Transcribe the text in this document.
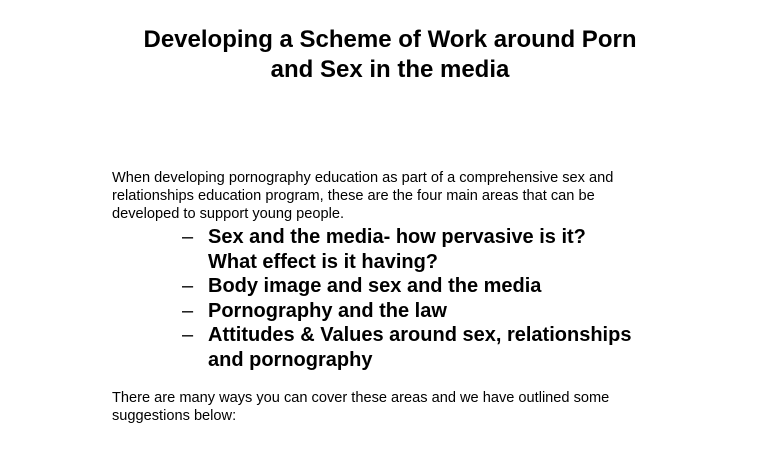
Developing a Scheme of Work around Porn
and Sex in the media

When developing pornography education as part of a comprehensive sex and
relationships education program, these are the four main areas that can be
developed to support young people.

– Sex and the media- how pervasive is it?
What effect is it having?
– Body image and sex and the media
– Pornography and the law
– Attitudes & Values around sex, relationships
and pornography

There are many ways you can cover these areas and we have outlined some
suggestions below:
